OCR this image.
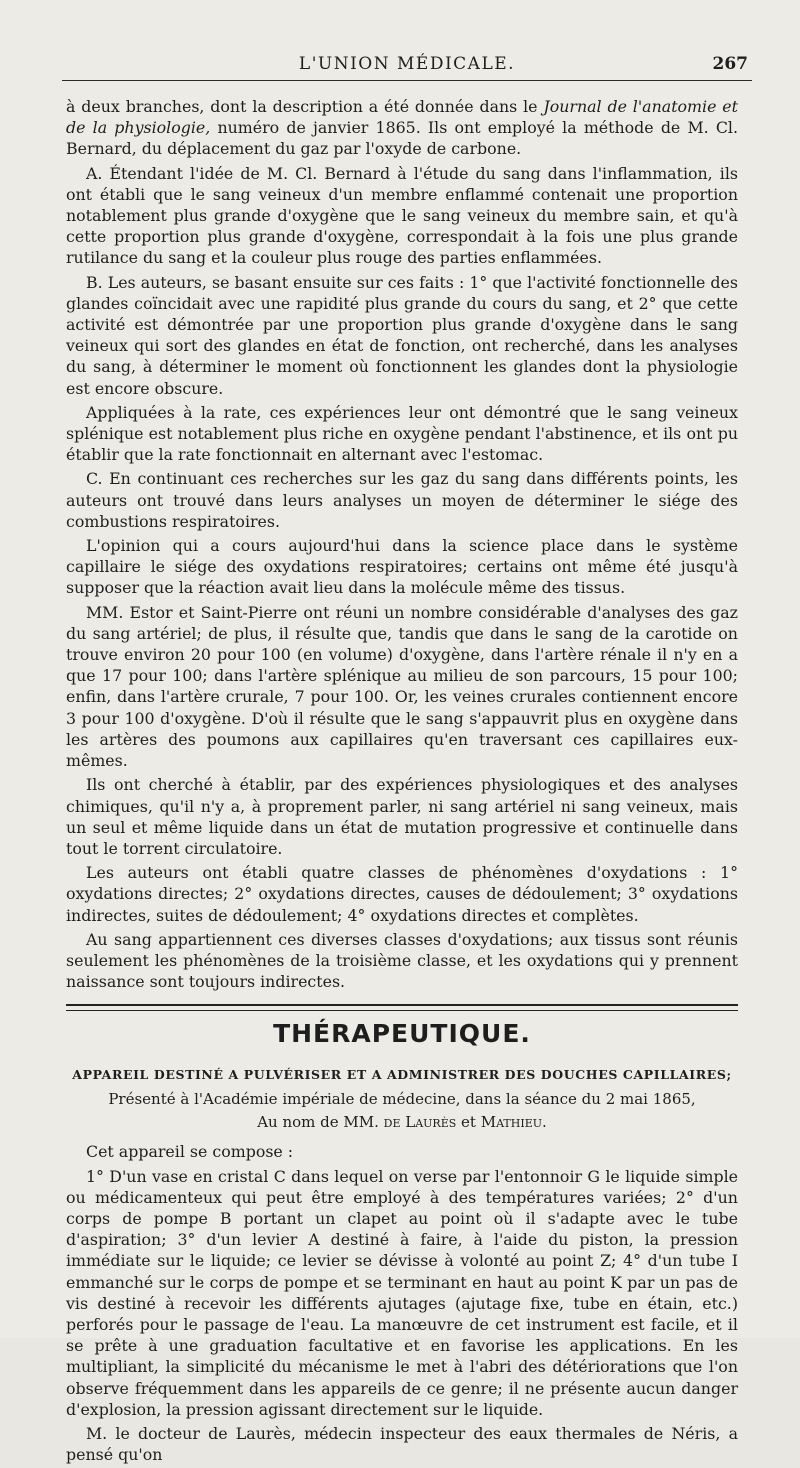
L'UNION MÉDICALE.	267

à deux branches, dont la description a été donnée dans le Journal de l'anatomie et de la physiologie, numéro de janvier 1865. Ils ont employé la méthode de M. Cl. Bernard, du déplacement du gaz par l'oxyde de carbone.

A. Étendant l'idée de M. Cl. Bernard à l'étude du sang dans l'inflammation, ils ont établi que le sang veineux d'un membre enflammé contenait une proportion notablement plus grande d'oxygène que le sang veineux du membre sain, et qu'à cette proportion plus grande d'oxygène, correspondait à la fois une plus grande rutilance du sang et la couleur plus rouge des parties enflammées.

B. Les auteurs, se basant ensuite sur ces faits : 1° que l'activité fonctionnelle des glandes coïncidait avec une rapidité plus grande du cours du sang, et 2° que cette activité est démontrée par une proportion plus grande d'oxygène dans le sang veineux qui sort des glandes en état de fonction, ont recherché, dans les analyses du sang, à déterminer le moment où fonctionnent les glandes dont la physiologie est encore obscure.

Appliquées à la rate, ces expériences leur ont démontré que le sang veineux splénique est notablement plus riche en oxygène pendant l'abstinence, et ils ont pu établir que la rate fonctionnait en alternant avec l'estomac.

C. En continuant ces recherches sur les gaz du sang dans différents points, les auteurs ont trouvé dans leurs analyses un moyen de déterminer le siége des combustions respiratoires.

L'opinion qui a cours aujourd'hui dans la science place dans le système capillaire le siége des oxydations respiratoires; certains ont même été jusqu'à supposer que la réaction avait lieu dans la molécule même des tissus.

MM. Estor et Saint-Pierre ont réuni un nombre considérable d'analyses des gaz du sang artériel; de plus, il résulte que, tandis que dans le sang de la carotide on trouve environ 20 pour 100 (en volume) d'oxygène, dans l'artère rénale il n'y en a que 17 pour 100; dans l'artère splénique au milieu de son parcours, 15 pour 100; enfin, dans l'artère crurale, 7 pour 100. Or, les veines crurales contiennent encore 3 pour 100 d'oxygène. D'où il résulte que le sang s'appauvrit plus en oxygène dans les artères des poumons aux capillaires qu'en traversant ces capillaires eux-mêmes.

Ils ont cherché à établir, par des expériences physiologiques et des analyses chimiques, qu'il n'y a, à proprement parler, ni sang artériel ni sang veineux, mais un seul et même liquide dans un état de mutation progressive et continuelle dans tout le torrent circulatoire.

Les auteurs ont établi quatre classes de phénomènes d'oxydations : 1° oxydations directes; 2° oxydations directes, causes de dédoulement; 3° oxydations indirectes, suites de dédoulement; 4° oxydations directes et complètes.

Au sang appartiennent ces diverses classes d'oxydations; aux tissus sont réunis seulement les phénomènes de la troisième classe, et les oxydations qui y prennent naissance sont toujours indirectes.

THÉRAPEUTIQUE.
APPAREIL DESTINÉ A PULVÉRISER ET A ADMINISTRER DES DOUCHES CAPILLAIRES;
Présenté à l'Académie impériale de médecine, dans la séance du 2 mai 1865,
Au nom de MM. de Laurès et Mathieu.

Cet appareil se compose :

1° D'un vase en cristal C dans lequel on verse par l'entonnoir G le liquide simple ou médicamenteux qui peut être employé à des températures variées; 2° d'un corps de pompe B portant un clapet au point où il s'adapte avec le tube d'aspiration; 3° d'un levier A destiné à faire, à l'aide du piston, la pression immédiate sur le liquide; ce levier se dévisse à volonté au point Z; 4° d'un tube I emmanché sur le corps de pompe et se terminant en haut au point K par un pas de vis destiné à recevoir les différents ajutages (ajutage fixe, tube en étain, etc.) perforés pour le passage de l'eau. La manœuvre de cet instrument est facile, et il se prête à une graduation facultative et en favorise les applications. En les multipliant, la simplicité du mécanisme le met à l'abri des détériorations que l'on observe fréquemment dans les appareils de ce genre; il ne présente aucun danger d'explosion, la pression agissant directement sur le liquide.

M. le docteur de Laurès, médecin inspecteur des eaux thermales de Néris, a pensé qu'on
